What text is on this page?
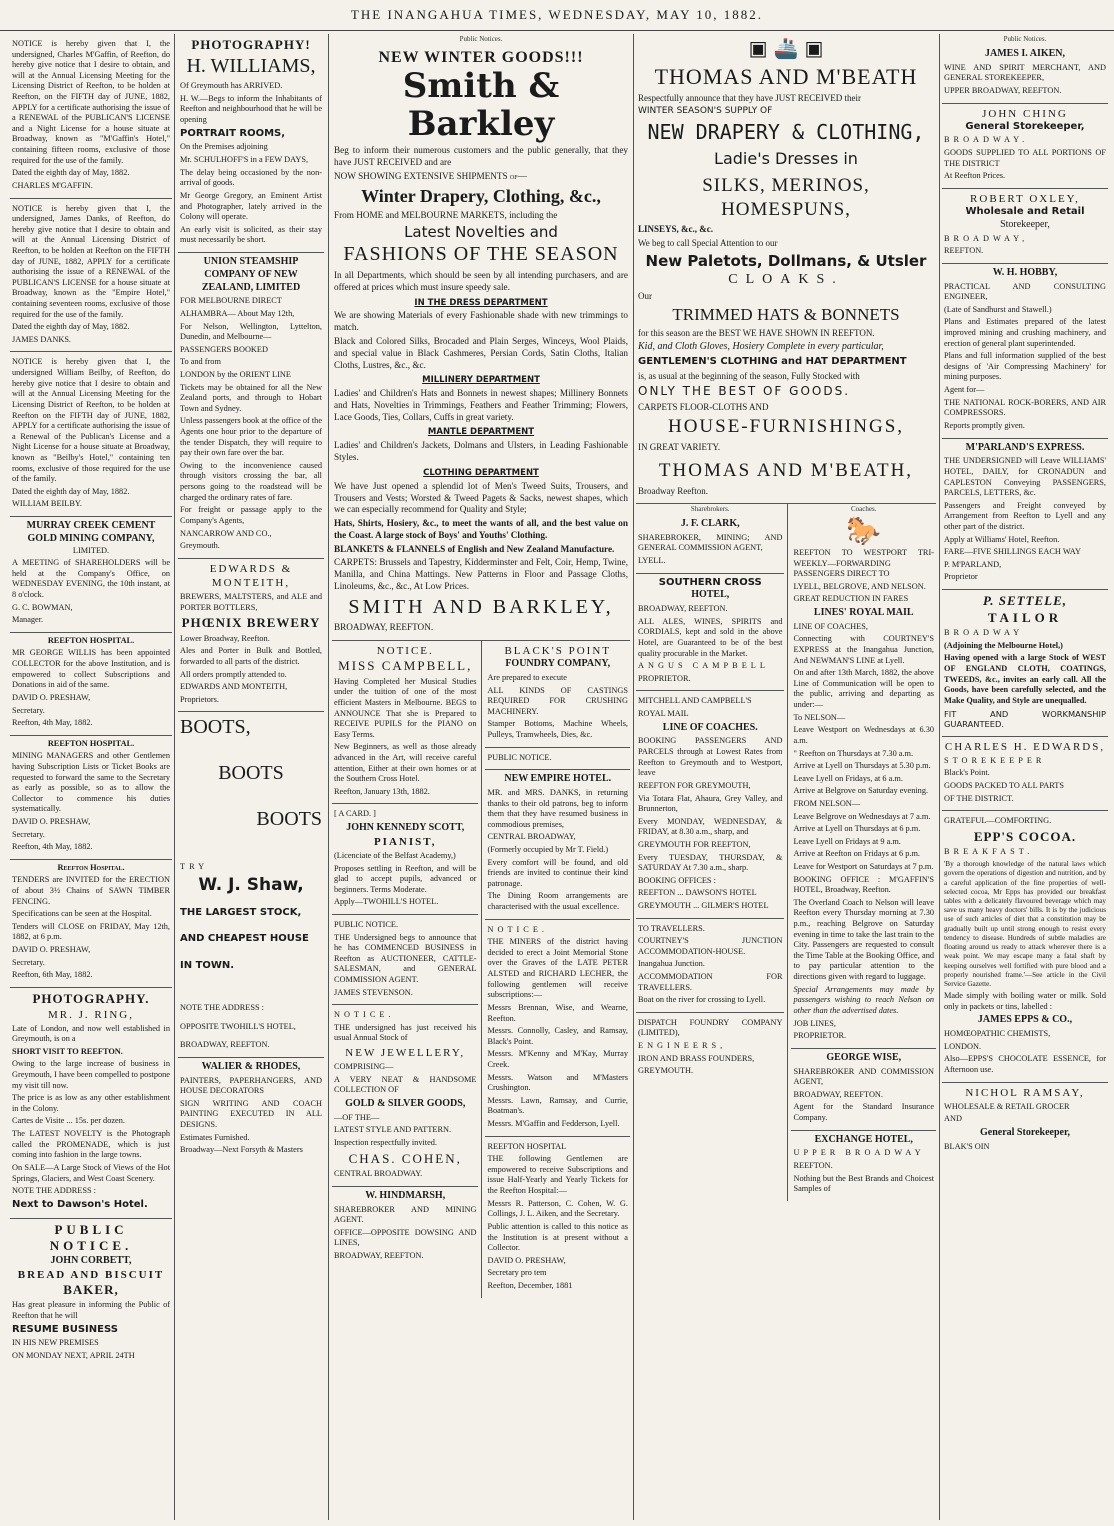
THE INANGAHUA TIMES, WEDNESDAY, MAY 10, 1882.

NOTICE is hereby given that I, the undersigned, Charles M'Gaffin, of Reefton, do hereby give notice that I desire to obtain, and will at the Annual Licensing Meeting for the Licensing District of Reefton, to be holden at Reefton, on the FIFTH day of JUNE, 1882, APPLY for a certificate authorising the issue of a RENEWAL of the PUBLICAN'S LICENSE and a Night License for a house situate at Broadway, known as "M'Gaffin's Hotel," containing fifteen rooms, exclusive of those required for the use of the family.

Dated the eighth day of May, 1882.

CHARLES M'GAFFIN.

NOTICE is hereby given that I, the undersigned, James Danks, of Reefton, do hereby give notice that I desire to obtain and will at the Annual Licensing District of Reefton, to be holden at Reefton on the FIFTH day of JUNE, 1882, APPLY for a certificate authorising the issue of a RENEWAL of the PUBLICAN'S LICENSE for a house situate at Broadway, known as the "Empire Hotel," containing seventeen rooms, exclusive of those required for the use of the family.

Dated the eighth day of May, 1882.

JAMES DANKS.

NOTICE is hereby given that I, the undersigned William Beilby, of Reefton, do hereby give notice that I desire to obtain and will at the Annual Licensing Meeting for the Licensing District of Reefton, to be holden at Reefton on the FIFTH day of JUNE, 1882, APPLY for a certificate authorising the issue of a Renewal of the Publican's License and a Night License for a house situate at Broadway, known as "Beilby's Hotel," containing ten rooms, exclusive of those required for the use of the family.

Dated the eighth day of May, 1882.

WILLIAM BEILBY.

MURRAY CREEK CEMENT GOLD MINING COMPANY,
LIMITED.

A MEETING of SHAREHOLDERS will be held at the Company's Office, on WEDNESDAY EVENING, the 10th instant, at 8 o'clock.

G. C. BOWMAN,

Manager.

REEFTON HOSPITAL.

MR GEORGE WILLIS has been appointed COLLECTOR for the above Institution, and is empowered to collect Subscriptions and Donations in aid of the same.

DAVID O. PRESHAW,

Secretary.

Reefton, 4th May, 1882.

REEFTON HOSPITAL.

MINING MANAGERS and other Gentlemen having Subscription Lists or Ticket Books are requested to forward the same to the Secretary as early as possible, so as to allow the Collector to commence his duties systematically.

DAVID O. PRESHAW,

Secretary.

Reefton, 4th May, 1882.

Reefton Hospital.

TENDERS are INVITED for the ERECTION of about 3½ Chains of SAWN TIMBER FENCING.

Specifications can be seen at the Hospital.

Tenders will CLOSE on FRIDAY, May 12th, 1882, at 6 p.m.

DAVID O. PRESHAW,

Secretary.

Reefton, 6th May, 1882.

PHOTOGRAPHY.
MR. J. RING,

Late of London, and now well established in Greymouth, is on a

SHORT VISIT TO REEFTON.

Owing to the large increase of business in Greymouth, I have been compelled to postpone my visit till now.

The price is as low as any other establishment in the Colony.

Cartes de Visite ... 15s. per dozen.

The LATEST NOVELTY is the Photograph called the PROMENADE, which is just coming into fashion in the large towns.

On SALE—A Large Stock of Views of the Hot Springs, Glaciers, and West Coast Scenery.

NOTE THE ADDRESS :

Next to Dawson's Hotel.

PUBLIC NOTICE.
JOHN CORBETT,
BREAD AND BISCUIT
BAKER,

Has great pleasure in informing the Public of Reefton that he will

RESUME BUSINESS

IN HIS NEW PREMISES

ON MONDAY NEXT, APRIL 24TH

PHOTOGRAPHY!
H. WILLIAMS,

Of Greymouth has ARRIVED.

H. W.—Begs to inform the Inhabitants of Reefton and neighbourhood that he will be opening

PORTRAIT ROOMS,

On the Premises adjoining

Mr. SCHULHOFF'S in a FEW DAYS,

The delay being occasioned by the non-arrival of goods.

Mr George Gregory, an Eminent Artist and Photographer, lately arrived in the Colony will operate.

An early visit is solicited, as their stay must necessarily be short.

UNION STEAMSHIP COMPANY OF NEW ZEALAND, LIMITED

FOR MELBOURNE DIRECT

ALHAMBRA— About May 12th,

For Nelson, Wellington, Lyttelton, Dunedin, and Melbourne—

PASSENGERS BOOKED

To and from

LONDON by the ORIENT LINE

Tickets may be obtained for all the New Zealand ports, and through to Hobart Town and Sydney.

Unless passengers book at the office of the Agents one hour prior to the departure of the tender Dispatch, they will require to pay their own fare over the bar.

Owing to the inconvenience caused through visitors crossing the bar, all persons going to the roadstead will be charged the ordinary rates of fare.

For freight or passage apply to the Company's Agents,

NANCARROW AND CO.,

Greymouth.

EDWARDS & MONTEITH,

BREWERS, MALTSTERS, and ALE and PORTER BOTTLERS,

PHŒNIX BREWERY

Lower Broadway, Reefton.

Ales and Porter in Bulk and Bottled, forwarded to all parts of the district.

All orders promptly attended to.

EDWARDS AND MONTEITH,

Proprietors.

BOOTS,
BOOTS
BOOTS

TRY

W. J. Shaw,

THE LARGEST STOCK,

AND CHEAPEST HOUSE

IN TOWN.

NOTE THE ADDRESS :

OPPOSITE TWOHILL'S HOTEL,

BROADWAY, REEFTON.

WALIER & RHODES,

PAINTERS, PAPERHANGERS, AND HOUSE DECORATORS

SIGN WRITING AND COACH PAINTING EXECUTED IN ALL DESIGNS.

Estimates Furnished.

Broadway—Next Forsyth & Masters

Public Notices.
NEW WINTER GOODS!!!
Smith & Barkley

Beg to inform their numerous customers and the public generally, that they have JUST RECEIVED and are

NOW SHOWING EXTENSIVE SHIPMENTS of—

Winter Drapery, Clothing, &c.,

From HOME and MELBOURNE MARKETS, including the

Latest Novelties and
FASHIONS OF THE SEASON

In all Departments, which should be seen by all intending purchasers, and are offered at prices which must insure speedy sale.

IN THE DRESS DEPARTMENT

We are showing Materials of every Fashionable shade with new trimmings to match.

Black and Colored Silks, Brocaded and Plain Serges, Winceys, Wool Plaids, and special value in Black Cashmeres, Persian Cords, Satin Cloths, Italian Cloths, Lustres, &c., &c.

MILLINERY DEPARTMENT

Ladies' and Children's Hats and Bonnets in newest shapes; Millinery Bonnets and Hats, Novelties in Trimmings, Feathers and Feather Trimming; Flowers, Lace Goods, Ties, Collars, Cuffs in great variety.

MANTLE DEPARTMENT

Ladies' and Children's Jackets, Dolmans and Ulsters, in Leading Fashionable Styles.

CLOTHING DEPARTMENT

We have Just opened a splendid lot of Men's Tweed Suits, Trousers, and Trousers and Vests; Worsted & Tweed Pagets & Sacks, newest shapes, which we can especially recommend for Quality and Style;

Hats, Shirts, Hosiery, &c., to meet the wants of all, and the best value on the Coast. A large stock of Boys' and Youths' Clothing.

BLANKETS & FLANNELS of English and New Zealand Manufacture.

CARPETS: Brussels and Tapestry, Kidderminster and Felt, Coir, Hemp, Twine, Manilla, and China Mattings. New Patterns in Floor and Passage Cloths, Linoleums, &c., &c., At Low Prices.

SMITH AND BARKLEY,

BROADWAY, REEFTON.

NOTICE.
MISS CAMPBELL,

Having Completed her Musical Studies under the tuition of one of the most efficient Masters in Melbourne. BEGS to ANNOUNCE That she is Prepared to RECEIVE PUPILS for the PIANO on Easy Terms.

New Beginners, as well as those already advanced in the Art, will receive careful attention, Either at their own homes or at the Southern Cross Hotel.

Reefton, January 13th, 1882.

[ A CARD. ]

JOHN KENNEDY SCOTT,
PIANIST,

(Licenciate of the Belfast Academy,)

Proposes settling in Reefton, and will be glad to accept pupils, advanced or beginners. Terms Moderate.

Apply—TWOHILL'S HOTEL.

PUBLIC NOTICE.

THE Undersigned begs to announce that he has COMMENCED BUSINESS in Reefton as AUCTIONEER, CATTLE-SALESMAN, and GENERAL COMMISSION AGENT.

JAMES STEVENSON.

NOTICE.

THE undersigned has just received his usual Annual Stock of

NEW JEWELLERY,

COMPRISING—

A VERY NEAT & HANDSOME COLLECTION OF

GOLD & SILVER GOODS,

—OF THE—

LATEST STYLE AND PATTERN.

Inspection respectfully invited.

CHAS. COHEN,

CENTRAL BROADWAY.

W. HINDMARSH,

SHAREBROKER AND MINING AGENT.

OFFICE—OPPOSITE DOWSING AND LINES,

BROADWAY, REEFTON.

BLACK'S POINT
FOUNDRY COMPANY,

Are prepared to execute

ALL KINDS OF CASTINGS REQUIRED FOR CRUSHING MACHINERY.

Stamper Bottoms, Machine Wheels, Pulleys, Tramwheels, Dies, &c.

PUBLIC NOTICE.

NEW EMPIRE HOTEL.

MR. and MRS. DANKS, in returning thanks to their old patrons, beg to inform them that they have resumed business in commodious premises,

CENTRAL BROADWAY,

(Formerly occupied by Mr T. Field.)

Every comfort will be found, and old friends are invited to continue their kind patronage.

The Dining Room arrangements are characterised with the usual excellence.

NOTICE.

THE MINERS of the district having decided to erect a Joint Memorial Stone over the Graves of the LATE PETER ALSTED and RICHARD LECHER, the following gentlemen will receive subscriptions:—

Messrs Brennan, Wise, and Wearne, Reefton.

Messrs. Connolly, Casley, and Ramsay, Black's Point.

Messrs. M'Kenny and M'Kay, Murray Creek.

Messrs. Watson and M'Masters Crushington.

Messrs. Lawn, Ramsay, and Currie, Boatman's.

Messrs. M'Gaffin and Fedderson, Lyell.

REEFTON HOSPITAL

THE following Gentlemen are empowered to receive Subscriptions and issue Half-Yearly and Yearly Tickets for the Reefton Hospital:—

Messrs R. Patterson, C. Cohen, W. G. Collings, J. L. Aiken, and the Secretary.

Public attention is called to this notice as the Institution is at present without a Collector.

DAVID O. PRESHAW,

Secretary pro tem

Reefton, December, 1881

▣ 🚢 ▣
THOMAS AND M'BEATH

Respectfully announce that they have JUST RECEIVED their

WINTER SEASON'S SUPPLY OF

NEW DRAPERY & CLOTHING,
Ladie's Dresses in
SILKS, MERINOS, HOMESPUNS,

LINSEYS, &c., &c.

We beg to call Special Attention to our

New Paletots, Dollmans, & Utsler
CLOAKS.

Our

TRIMMED HATS & BONNETS

for this season are the BEST WE HAVE SHOWN IN REEFTON.

Kid, and Cloth Gloves, Hosiery Complete in every particular,

GENTLEMEN'S CLOTHING and HAT DEPARTMENT

is, as usual at the beginning of the season, Fully Stocked with

ONLY THE BEST OF GOODS.

CARPETS FLOOR-CLOTHS AND

HOUSE-FURNISHINGS,

IN GREAT VARIETY.

THOMAS AND M'BEATH,

Broadway Reefton.

Sharebrokers.
J. F. CLARK,

SHAREBROKER, MINING; AND GENERAL COMMISSION AGENT,

LYELL.

SOUTHERN CROSS
HOTEL,

BROADWAY, REEFTON.

ALL ALES, WINES, SPIRITS and CORDIALS, kept and sold in the above Hotel, are Guaranteed to be of the best quality procurable in the Market.

ANGUS CAMPBELL

PROPRIETOR.

MITCHELL AND CAMPBELL'S

ROYAL MAIL

LINE OF COACHES.

BOOKING PASSENGERS AND PARCELS through at Lowest Rates from Reefton to Greymouth and to Westport, leave

REEFTON FOR GREYMOUTH,

Via Totara Flat, Ahaura, Grey Valley, and Brunnerton,

Every MONDAY, WEDNESDAY, & FRIDAY, at 8.30 a.m., sharp, and

GREYMOUTH FOR REEFTON,

Every TUESDAY, THURSDAY, & SATURDAY At 7.30 a.m., sharp.

BOOKING OFFICES :

REEFTON ... DAWSON'S HOTEL

GREYMOUTH ... GILMER'S HOTEL

TO TRAVELLERS.

COURTNEY'S JUNCTION ACCOMMODATION-HOUSE.

Inangahua Junction.

ACCOMMODATION FOR TRAVELLERS.

Boat on the river for crossing to Lyell.

DISPATCH FOUNDRY COMPANY (LIMITED),

ENGINEERS,

IRON AND BRASS FOUNDERS,

GREYMOUTH.

Coaches.
🐎

REEFTON TO WESTPORT TRI-WEEKLY—FORWARDING PASSENGERS DIRECT TO

LYELL, BELGROVE, AND NELSON.

GREAT REDUCTION IN FARES

LINES' ROYAL MAIL

LINE OF COACHES,

Connecting with COURTNEY'S EXPRESS at the Inangahua Junction, And NEWMAN'S LINE at Lyell.

On and after 13th March, 1882, the above Line of Communication will be open to the public, arriving and departing as under:—

To NELSON—

Leave Westport on Wednesdays at 6.30 a.m.

" Reefton on Thursdays at 7.30 a.m.

Arrive at Lyell on Thursdays at 5.30 p.m.

Leave Lyell on Fridays, at 6 a.m.

Arrive at Belgrove on Saturday evening.

FROM NELSON—

Leave Belgrove on Wednesdays at 7 a.m.

Arrive at Lyell on Thursdays at 6 p.m.

Leave Lyell on Fridays at 9 a.m.

Arrive at Reefton on Fridays at 6 p.m.

Leave for Westport on Saturdays at 7 p.m.

BOOKING OFFICE : M'GAFFIN'S HOTEL, Broadway, Reefton.

The Overland Coach to Nelson will leave Reefton every Thursday morning at 7.30 p.m., reaching Belgrove on Saturday evening in time to take the last train to the City. Passengers are requested to consult the Time Table at the Booking Office, and to pay particular attention to the directions given with regard to luggage.

Special Arrangements may made by passengers wishing to reach Nelson on other than the advertised dates.

JOB LINES,

PROPRIETOR.

GEORGE WISE,

SHAREBROKER AND COMMISSION AGENT,

BROADWAY, REEFTON.

Agent for the Standard Insurance Company.

EXCHANGE HOTEL,

UPPER BROADWAY

REEFTON.

Nothing but the Best Brands and Choicest Samples of

Public Notices.
JAMES I. AIKEN,

WINE AND SPIRIT MERCHANT, AND GENERAL STOREKEEPER,

UPPER BROADWAY, REEFTON.

JOHN CHING
General Storekeeper,

BROADWAY.

GOODS SUPPLIED TO ALL PORTIONS OF THE DISTRICT

At Reefton Prices.

ROBERT OXLEY,
Wholesale and Retail
Storekeeper,

BROADWAY,

REEFTON.

W. H. HOBBY,

PRACTICAL AND CONSULTING ENGINEER,

(Late of Sandhurst and Stawell.)

Plans and Estimates prepared of the latest improved mining and crushing machinery, and erection of general plant superintended.

Plans and full information supplied of the best designs of 'Air Compressing Machinery' for mining purposes.

Agent for—

THE NATIONAL ROCK-BORERS, AND AIR COMPRESSORS.

Reports promptly given.

M'PARLAND'S EXPRESS.

THE UNDERSIGNED will Leave WILLIAMS' HOTEL, DAILY, for CRONADUN and CAPLESTON Conveying PASSENGERS, PARCELS, LETTERS, &c.

Passengers and Freight conveyed by Arrangement from Reefton to Lyell and any other part of the district.

Apply at Williams' Hotel, Reefton.

FARE—FIVE SHILLINGS EACH WAY

P. M'PARLAND,

Proprietor

P. SETTELE,
TAILOR

BROADWAY

(Adjoining the Melbourne Hotel,)

Having opened with a large Stock of WEST OF ENGLAND CLOTH, COATINGS, TWEEDS, &c., invites an early call. All the Goods, have been carefully selected, and the Make Quality, and Style are unequalled.

FIT AND WORKMANSHIP GUARANTEED.

CHARLES H. EDWARDS,

STOREKEEPER

Black's Point.

GOODS PACKED TO ALL PARTS

OF THE DISTRICT.

GRATEFUL—COMFORTING.

EPP'S COCOA.

BREAKFAST.

'By a thorough knowledge of the natural laws which govern the operations of digestion and nutrition, and by a careful application of the fine properties of well-selected cocoa, Mr Epps has provided our breakfast tables with a delicately flavoured beverage which may save us many heavy doctors' bills. It is by the judicious use of such articles of diet that a constitution may be gradually built up until strong enough to resist every tendency to disease. Hundreds of subtle maladies are floating around us ready to attack wherever there is a weak point. We may escape many a fatal shaft by keeping ourselves well fortified with pure blood and a properly nourished frame.'—See article in the Civil Service Gazette.

Made simply with boiling water or milk. Sold only in packets or tins, labelled :

JAMES EPPS & CO.,

HOMŒOPATHIC CHEMISTS,

LONDON.

Also—EPPS'S CHOCOLATE ESSENCE, for Afternoon use.

NICHOL RAMSAY,

WHOLESALE & RETAIL GROCER

AND

General Storekeeper,

BLAK'S OIN
